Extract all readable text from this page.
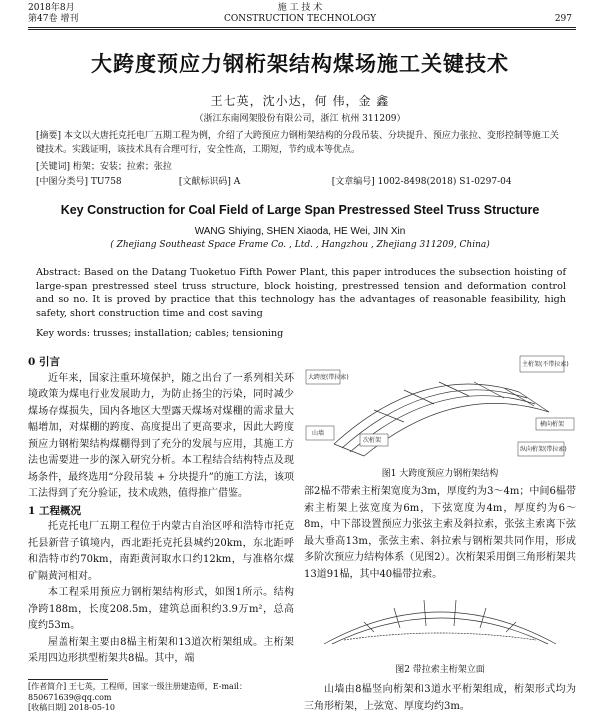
2018年8月
第47卷 增刊
施 工 技 术
CONSTRUCTION TECHNOLOGY	297
大跨度预应力钢桁架结构煤场施工关键技术
王七英，沈小达，何 伟，金 鑫
（浙江东南网架股份有限公司，浙江 杭州 311209）
[摘要] 本文以大唐托克托电厂五期工程为例，介绍了大跨预应力钢桁架结构的分段吊装、分块提升、预应力张拉、变形控制等施工关键技术。实践证明，该技术具有合理可行，安全性高，工期短，节约成本等优点。
[关键词] 桁架；安装；拉索；张拉
[中图分类号] TU758	[文献标识码] A	[文章编号] 1002-8498(2018) S1-0297-04
Key Construction for Coal Field of Large Span Prestressed Steel Truss Structure
WANG Shiying, SHEN Xiaoda, HE Wei, JIN Xin
( Zhejiang Southeast Space Frame Co. , Ltd. , Hangzhou , Zhejiang 311209, China)
Abstract: Based on the Datang Tuoketuo Fifth Power Plant, this paper introduces the subsection hoisting of large-span prestressed steel truss structure, block hoisting, prestressed tension and deformation control and so no. It is proved by practice that this technology has the advantages of reasonable feasibility, high safety, short construction time and cost saving
Key words: trusses; installation; cables; tensioning
0 引言

近年来，国家注重环境保护，随之出台了一系列相关环境政策为煤电行业发展助力，为防止扬尘的污染，同时减少煤场存煤损失，国内各地区大型露天煤场对煤棚的需求量大幅增加，对煤棚的跨度、高度提出了更高要求，因此大跨度预应力钢桁架结构煤棚得到了充分的发展与应用，其施工方法也需要进一步的深入研究分析。本工程结合结构特点及现场条件，最终选用“分段吊装 + 分块提升”的施工方法，该项工法得到了充分验证，技术成熟，值得推广借鉴。

1 工程概况

托克托电厂五期工程位于内蒙古自治区呼和浩特市托克托县新营子镇境内，西北距托克托县城约20km，东北距呼和浩特市约70km，南距黄河取水口约12km，与准格尔煤矿隔黄河相对。

本工程采用预应力钢桁架结构形式，如图1所示。结构净跨188m，长度208.5m，建筑总面积约3.9万m²，总高度约53m。

屋盖桁架主要由8榀主桁架和13道次桁架组成。主桁架采用四边形拱型桁架共8榀。其中，端

大跨度(带拉索)
山墙
次桁架
主桁架(不带拉索)
横向桁架
纵向桁架(带拉索)
图1 大跨度预应力钢桁架结构

部2榀不带索主桁架宽度为3m，厚度约为3～4m；中间6榀带索主桁架上弦宽度为6m，下弦宽度为4m，厚度约为6～8m，中下部设置预应力张弦主索及斜拉索，张弦主索离下弦最大垂高13m，张弦主索、斜拉索与钢桁架共同作用，形成多阶次预应力结构体系（见图2）。次桁架采用倒三角形桁架共13道91榀，其中40榀带拉索。

图2 带拉索主桁架立面

山墙由8榀竖向桁架和3道水平桁架组成，桁架形式均为三角形桁架，上弦宽、厚度均约3m。

[作者简介] 王七英，工程师，国家一级注册建造师，E-mail：850671639@qq.com
[收稿日期] 2018-05-10
